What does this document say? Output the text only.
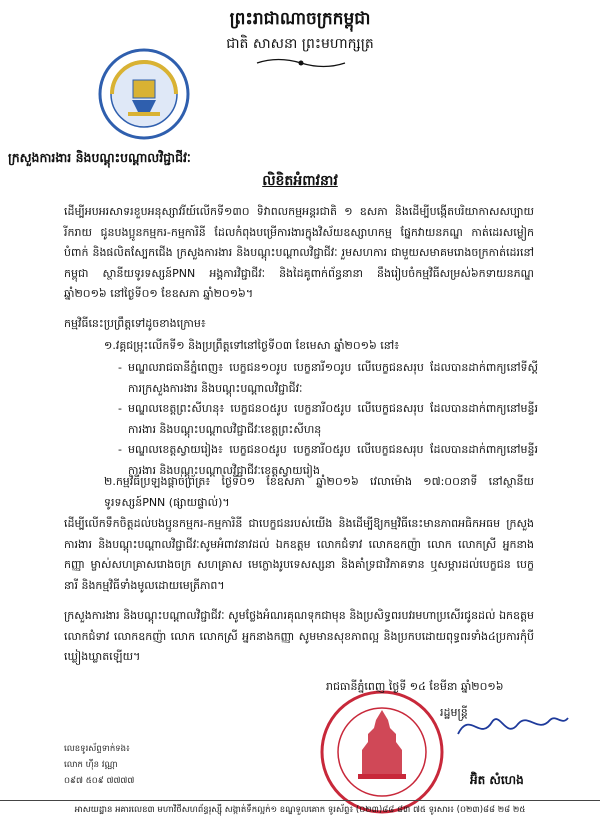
ព្រះរាជាណាចក្រកម្ពុជា
ជាតិ សាសនា ព្រះមហាក្សត្រ
ក្រសួងការងារ និងបណ្តុះបណ្តាលវិជ្ជាជីវៈ
លិខិតអំពាវនាវ
ដើម្បីអបអរសាទរខួបអនុស្សាវរីយ៍លើកទី១៣០ ទិវាពលកម្មអន្តរជាតិ ១ ឧសភា និងដើម្បីបង្កើតបរិយាកាសសប្បាយរីករាយ ជូនបងប្អូនកម្មករ-កម្មការិនី ដែលកំពុងបម្រើការងារក្នុងវិស័យឧស្សាហកម្ម ផ្នែកវាយនភណ្ឌ កាត់ដេរសម្លៀកបំពាក់ និងផលិតស្បែកជើង ក្រសួងការងារ និងបណ្តុះបណ្តាលវិជ្ជាជីវៈ រួមសហការ ជាមួយសមាគមរោងចក្រកាត់ដេរនៅកម្ពុជា ស្ថានីយទូរទស្សន៍PNN អង្គការវិជ្ជាជីវៈ និងដៃគូពាក់ព័ន្ធនានា នឹងរៀបចំកម្មវិធីសម្រស់៦កទាយនភណ្ឌឆ្នាំ២០១៦ នៅថ្ងៃទី០១ ខែឧសភា ឆ្នាំ២០១៦។
កម្មវិធីនេះប្រព្រឹត្តទៅដូចខាងក្រោម៖
១.វគ្គជម្រុះលើកទី១ និងប្រព្រឹត្តទៅនៅថ្ងៃទី០៣ ខែមេសា ឆ្នាំ២០១៦ នៅ៖
- មណ្ឌលរាជធានីភ្នំពេញ៖ បេក្ខជន១០រូប បេក្ខនារី១០រូប លើបេក្ខជនសរុប ដែលបានដាក់ពាក្យនៅទីស្តីការក្រសួងការងារ និងបណ្តុះបណ្តាលវិជ្ជាជីវៈ
- មណ្ឌលខេត្តព្រះសីហនុ៖ បេក្ខជន០៥រូប បេក្ខនារី០៥រូប លើបេក្ខជនសរុប ដែលបានដាក់ពាក្យនៅមន្ទីរការងារ និងបណ្តុះបណ្តាលវិជ្ជាជីវៈខេត្តព្រះសីហនុ
- មណ្ឌលខេត្តស្វាយរៀង៖ បេក្ខជន០៥រូប បេក្ខនារី០៥រូប លើបេក្ខជនសរុប ដែលបានដាក់ពាក្យនៅមន្ទីរការងារ និងបណ្តុះបណ្តាលវិជ្ជាជីវៈខេត្តស្វាយរៀង
២.កម្មវិធីប្រឡងផ្តាច់ព្រ័ត្រ៖ ថ្ងៃទី០១ ខែឧសភា ឆ្នាំ២០១៦ វេលាម៉ោង ១៧:០០នាទី នៅស្ថានីយទូរទស្សន៍PNN (ផ្សាយផ្ទាល់)។
ដើម្បីលើកទឹកចិត្តដល់បងប្អូនកម្មករ-កម្មការិនី ជាបេក្ខជនរបស់យើង និងដើម្បីឱ្យកម្មវិធីនេះមានភាពអធិកអធម ក្រសួងការងារ និងបណ្តុះបណ្តាលវិជ្ជាជីវៈសូមអំពាវនាវដល់ ឯកឧត្តម លោកជំទាវ លោកឧកញ៉ា លោក លោកស្រី អ្នកនាងកញ្ញា ម្ចាស់សហគ្រាសរោងចក្រ សហគ្រាស មេក្លោងរូបទេសស្សនា និងគាំទ្រជាវិភាគទាន ឬសម្ភារដល់បេក្ខជន បេក្ខនារី និងកម្មវិធីទាំងមូលដោយមេត្រីភាព។
ក្រសួងការងារ និងបណ្តុះបណ្តាលវិជ្ជាជីវៈ សូមថ្លែងអំណរគុណទុកជាមុន និងប្រសិទ្ធពរបវរមហាប្រសើរជូនដល់ ឯកឧត្តម លោកជំទាវ លោកឧកញ៉ា លោក លោកស្រី អ្នកនាងកញ្ញា សូមមានសុខភាពល្អ និងប្រកបដោយពុទ្ធពរទាំង៤ប្រការកុំបីឃ្លៀងឃ្លាតឡើយ។
រាជធានីភ្នំពេញ ថ្ងៃទី ១៤ ខែមីនា ឆ្នាំ២០១៦
រដ្ឋមន្ត្រី
អ៊ិត សំហេង
លេខទូរស័ព្ទទាក់ទង៖
លោក ហ៊ីន វណ្ណា
០៩៧ ៥០៩ ៧៧៧៧
អាសយដ្ឋាន អគារលេខ៣ មហាវិថីសហព័ន្ធរុស្ស៊ី សង្កាត់ទឹកល្អក់១ ខណ្ឌទួលគោក ទូរស័ព្ទ៖ (០២៣)៨៨ ៨៣ ៧៥ ទូរសារ៖ (០២៣)៨៨ ២៨ ២៥
